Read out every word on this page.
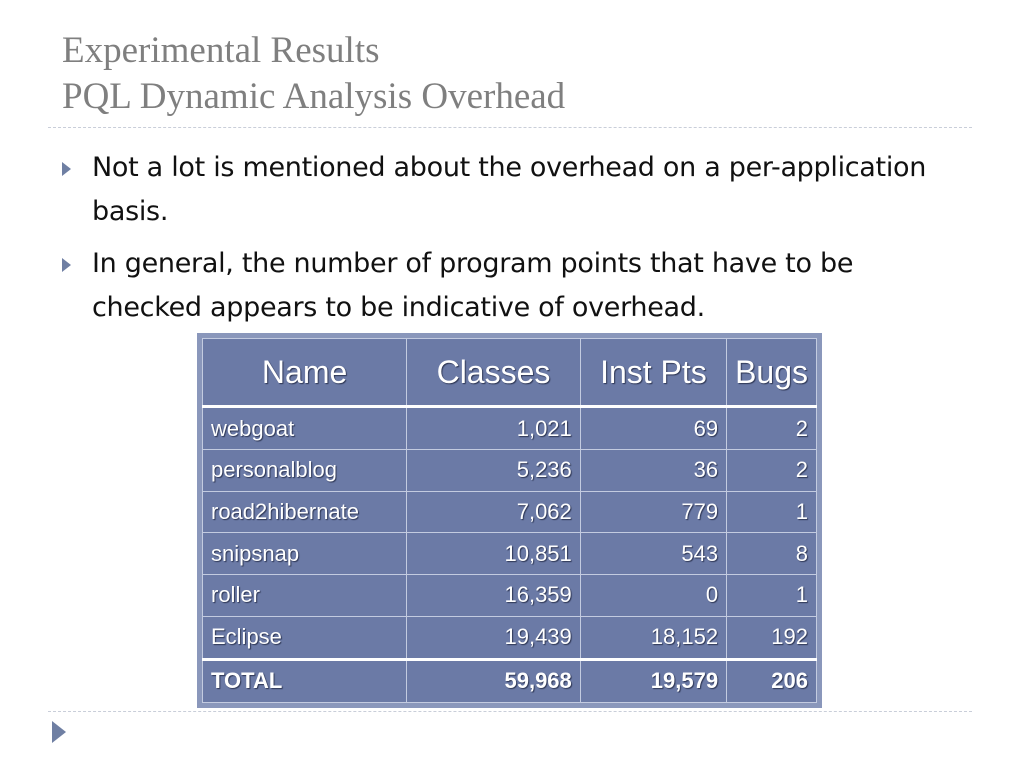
Experimental Results
PQL Dynamic Analysis Overhead
Not a lot is mentioned about the overhead on a per-application basis.
In general, the number of program points that have to be checked appears to be indicative of overhead.
Name	Classes	Inst Pts	Bugs
webgoat	1,021	69	2
personalblog	5,236	36	2
road2hibernate	7,062	779	1
snipsnap	10,851	543	8
roller	16,359	0	1
Eclipse	19,439	18,152	192
TOTAL	59,968	19,579	206
